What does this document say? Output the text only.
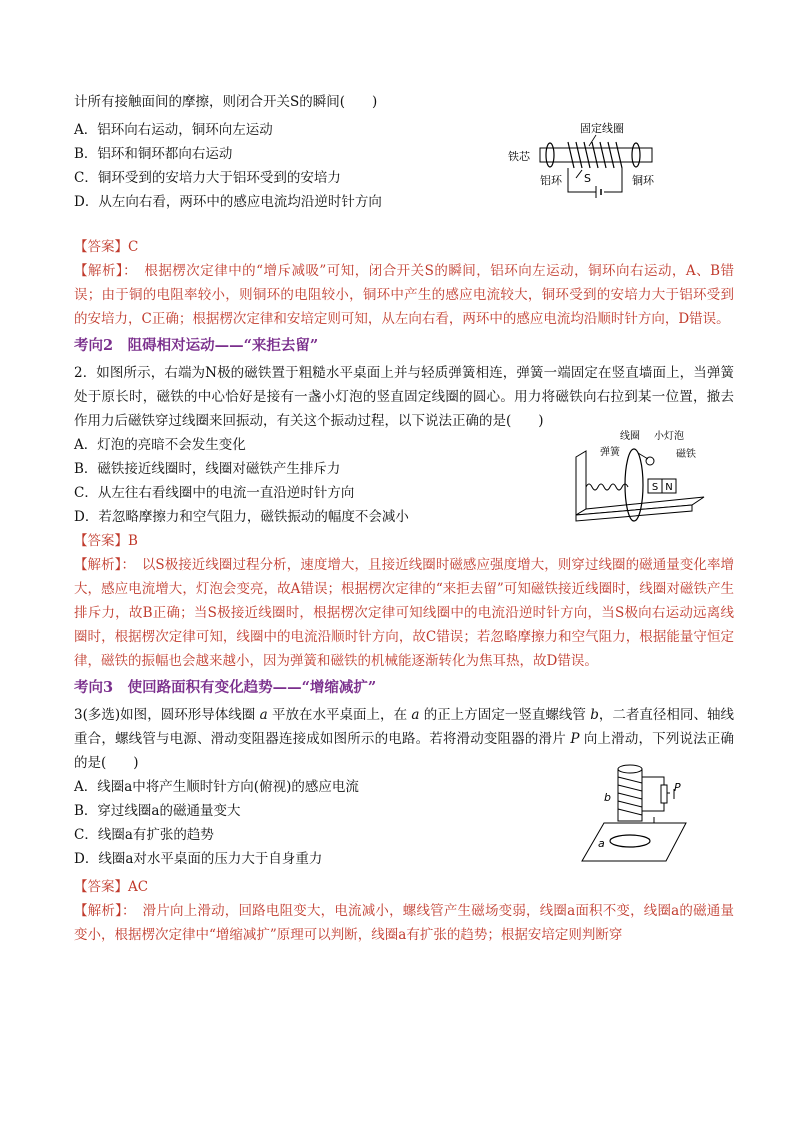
计所有接触面间的摩擦，则闭合开关S的瞬间(　　)
A．铝环向右运动，铜环向左运动
B．铝环和铜环都向右运动
C．铜环受到的安培力大于铝环受到的安培力
D．从左向右看，两环中的感应电流均沿逆时针方向
固定线圈
铁芯
S
铝环	铜环
【答案】C
【解析】：　根据楞次定律中的“增斥减吸”可知，闭合开关S的瞬间，铝环向左运动，铜环向右运动，A、B错误；由于铜的电阻率较小，则铜环的电阻较小，铜环中产生的感应电流较大，铜环受到的安培力大于铝环受到的安培力，C正确；根据楞次定律和安培定则可知，从左向右看，两环中的感应电流均沿顺时针方向，D错误。
考向2　阻碍相对运动——“来拒去留”
2．如图所示，右端为N极的磁铁置于粗糙水平桌面上并与轻质弹簧相连，弹簧一端固定在竖直墙面上，当弹簧处于原长时，磁铁的中心恰好是接有一盏小灯泡的竖直固定线圈的圆心。用力将磁铁向右拉到某一位置，撤去作用力后磁铁穿过线圈来回振动，有关这个振动过程，以下说法正确的是(　　)
A．灯泡的亮暗不会发生变化
B．磁铁接近线圈时，线圈对磁铁产生排斥力
C．从左往右看线圈中的电流一直沿逆时针方向
D．若忽略摩擦力和空气阻力，磁铁振动的幅度不会减小
S N
线圈 小灯泡
弹簧	磁铁
【答案】B
【解析】：　以S极接近线圈过程分析，速度增大，且接近线圈时磁感应强度增大，则穿过线圈的磁通量变化率增大，感应电流增大，灯泡会变亮，故A错误；根据楞次定律的“来拒去留”可知磁铁接近线圈时，线圈对磁铁产生排斥力，故B正确；当S极接近线圈时，根据楞次定律可知线圈中的电流沿逆时针方向，当S极向右运动远离线圈时，根据楞次定律可知，线圈中的电流沿顺时针方向，故C错误；若忽略摩擦力和空气阻力，根据能量守恒定律，磁铁的振幅也会越来越小，因为弹簧和磁铁的机械能逐渐转化为焦耳热，故D错误。
考向3　使回路面积有变化趋势——“增缩减扩”
3(多选)如图，圆环形导体线圈 a 平放在水平桌面上，在 a 的正上方固定一竖直螺线管 b，二者直径相同、轴线重合，螺线管与电源、滑动变阻器连接成如图所示的电路。若将滑动变阻器的滑片 P 向上滑动，下列说法正确的是(　　)
A．线圈a中将产生顺时针方向(俯视)的感应电流
B．穿过线圈a的磁通量变大
C．线圈a有扩张的趋势
D．线圈a对水平桌面的压力大于自身重力
P
b
a
【答案】AC
【解析】：　滑片向上滑动，回路电阻变大，电流减小，螺线管产生磁场变弱，线圈a面积不变，线圈a的磁通量变小，根据楞次定律中“增缩减扩”原理可以判断，线圈a有扩张的趋势；根据安培定则判断穿
